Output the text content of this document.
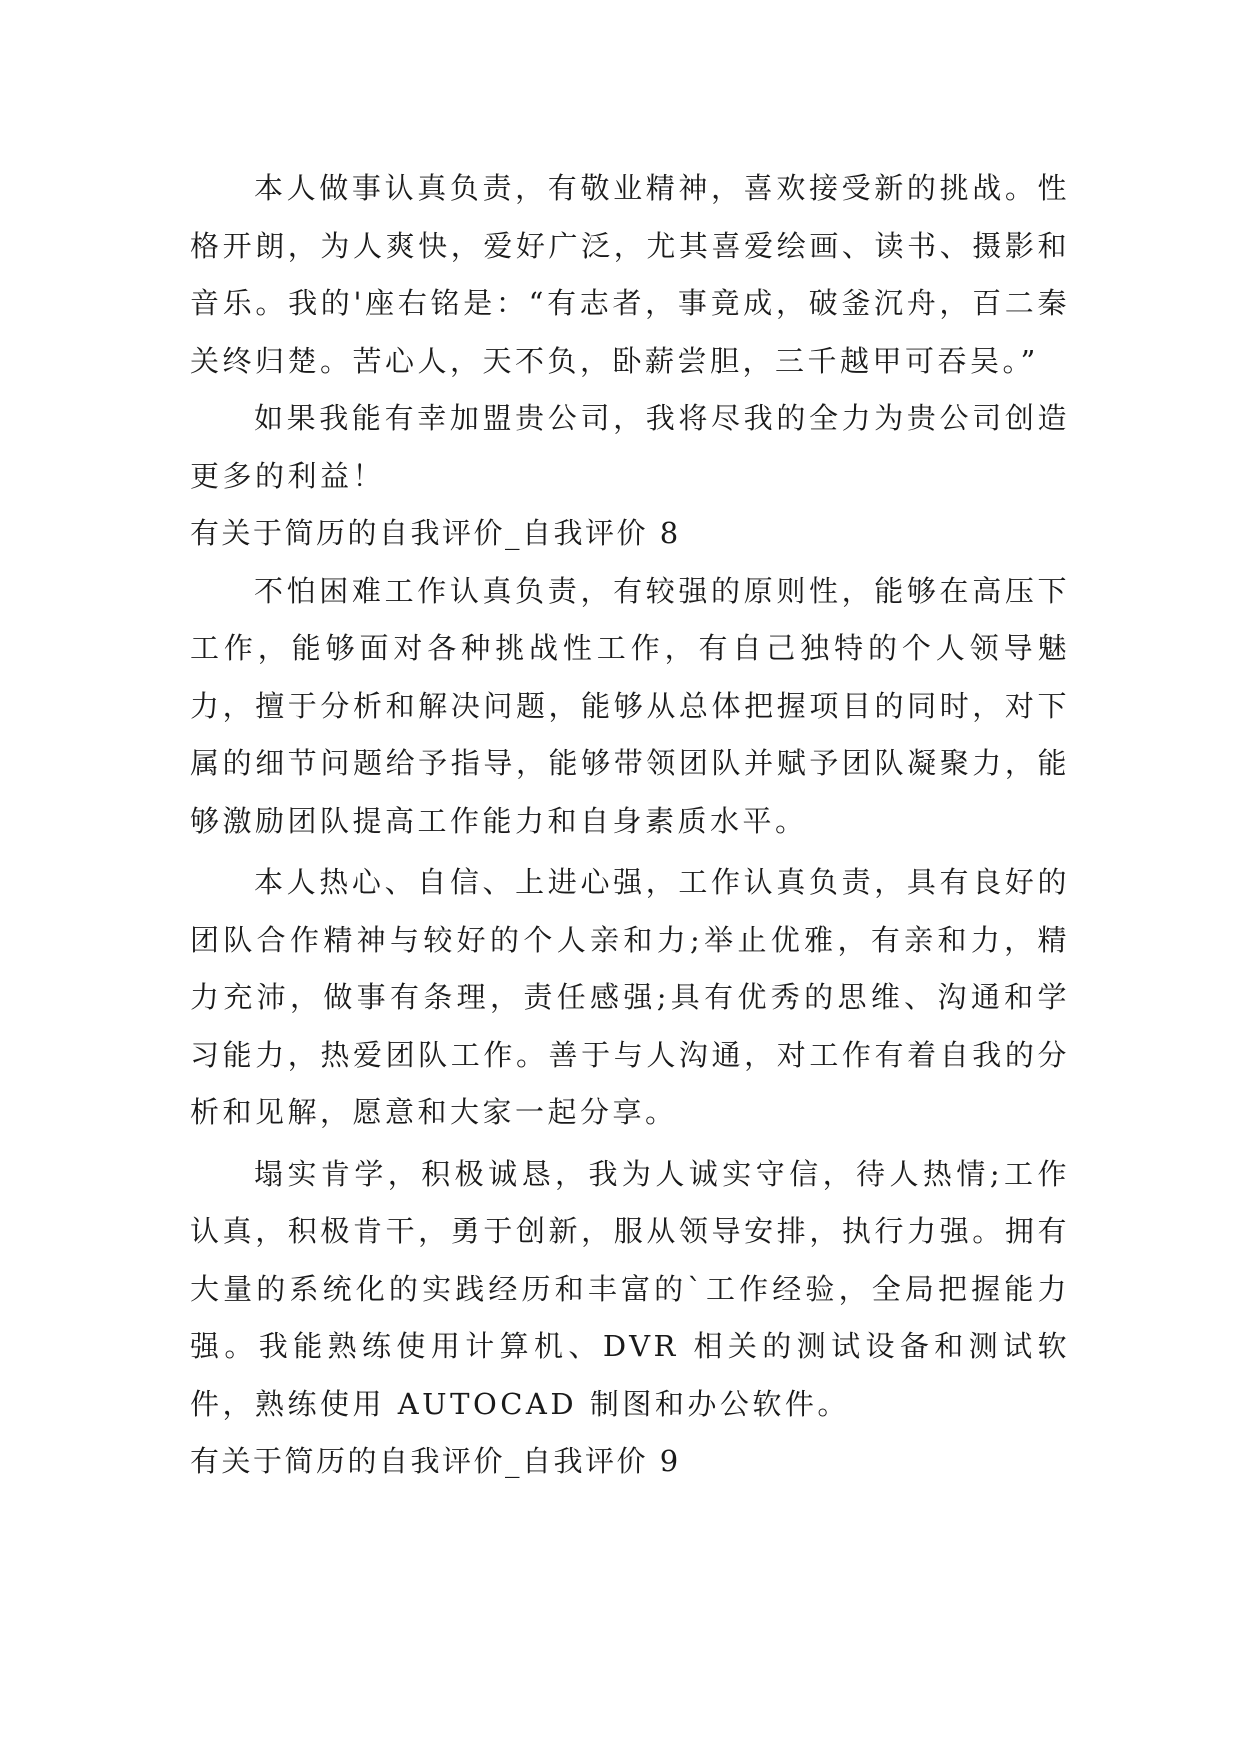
本人做事认真负责，有敬业精神，喜欢接受新的挑战。性格开朗，为人爽快，爱好广泛，尤其喜爱绘画、读书、摄影和音乐。我的'座右铭是：“有志者，事竟成，破釜沉舟，百二秦关终归楚。苦心人，天不负，卧薪尝胆，三千越甲可吞吴。”

如果我能有幸加盟贵公司，我将尽我的全力为贵公司创造更多的利益！

有关于简历的自我评价_自我评价 8

不怕困难工作认真负责，有较强的原则性，能够在高压下工作，能够面对各种挑战性工作，有自己独特的个人领导魅力，擅于分析和解决问题，能够从总体把握项目的同时，对下属的细节问题给予指导，能够带领团队并赋予团队凝聚力，能够激励团队提高工作能力和自身素质水平。

本人热心、自信、上进心强，工作认真负责，具有良好的团队合作精神与较好的个人亲和力;举止优雅，有亲和力，精力充沛，做事有条理，责任感强;具有优秀的思维、沟通和学习能力，热爱团队工作。善于与人沟通，对工作有着自我的分析和见解，愿意和大家一起分享。

塌实肯学，积极诚恳，我为人诚实守信，待人热情;工作认真，积极肯干，勇于创新，服从领导安排，执行力强。拥有大量的系统化的实践经历和丰富的`工作经验，全局把握能力强。我能熟练使用计算机、DVR 相关的测试设备和测试软件，熟练使用 AUTOCAD 制图和办公软件。

有关于简历的自我评价_自我评价 9
